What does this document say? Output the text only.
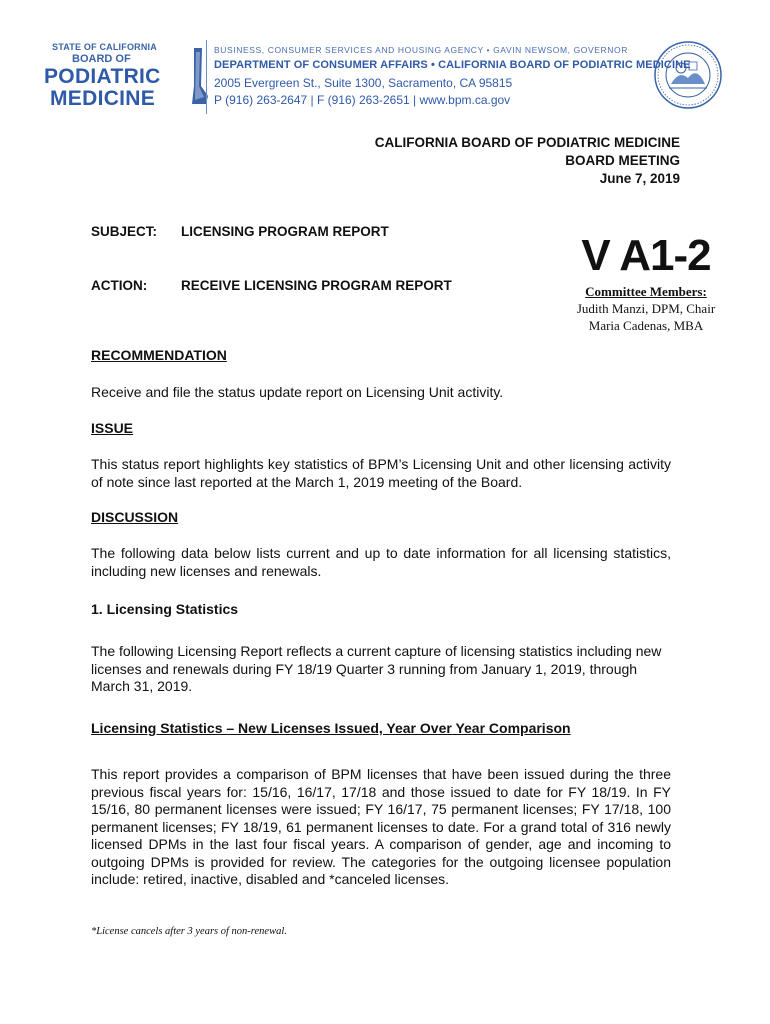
STATE OF CALIFORNIA
BOARD OF
PODIATRIC
MEDICINE
BUSINESS, CONSUMER SERVICES AND HOUSING AGENCY • GAVIN NEWSOM, GOVERNOR
DEPARTMENT OF CONSUMER AFFAIRS • CALIFORNIA BOARD OF PODIATRIC MEDICINE
2005 Evergreen St., Suite 1300, Sacramento, CA 95815
P (916) 263-2647 | F (916) 263-2651 | www.bpm.ca.gov
CALIFORNIA BOARD OF PODIATRIC MEDICINE
BOARD MEETING
June 7, 2019
SUBJECT: LICENSING PROGRAM REPORT
ACTION:	RECEIVE LICENSING PROGRAM REPORT
V A1-2
Committee Members:
Judith Manzi, DPM, Chair
Maria Cadenas, MBA
RECOMMENDATION
Receive and file the status update report on Licensing Unit activity.
ISSUE
This status report highlights key statistics of BPM’s Licensing Unit and other licensing activity of note since last reported at the March 1, 2019 meeting of the Board.
DISCUSSION
The following data below lists current and up to date information for all licensing statistics, including new licenses and renewals.
1. Licensing Statistics
The following Licensing Report reflects a current capture of licensing statistics including new licenses and renewals during FY 18/19 Quarter 3 running from January 1, 2019, through March 31, 2019.
Licensing Statistics – New Licenses Issued, Year Over Year Comparison
This report provides a comparison of BPM licenses that have been issued during the three previous fiscal years for: 15/16, 16/17, 17/18 and those issued to date for FY 18/19. In FY 15/16, 80 permanent licenses were issued; FY 16/17, 75 permanent licenses; FY 17/18, 100 permanent licenses; FY 18/19, 61 permanent licenses to date. For a grand total of 316 newly licensed DPMs in the last four fiscal years. A comparison of gender, age and incoming to outgoing DPMs is provided for review. The categories for the outgoing licensee population include: retired, inactive, disabled and *canceled licenses.
*License cancels after 3 years of non-renewal.
